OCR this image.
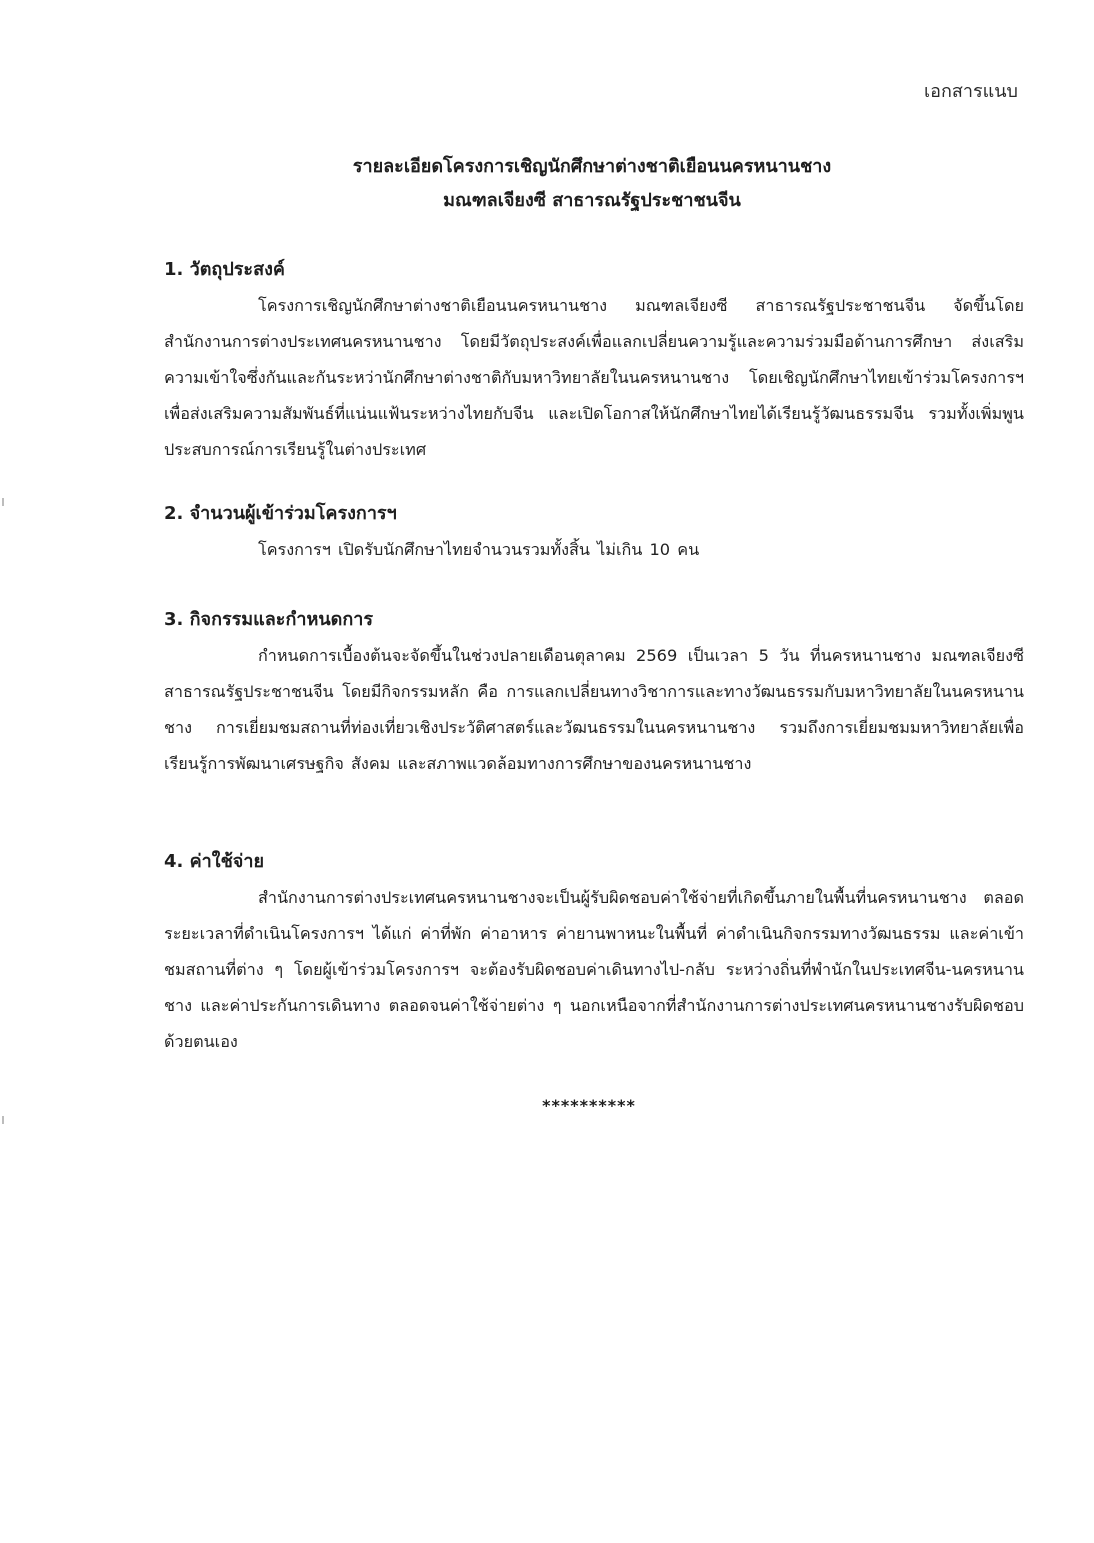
เอกสารแนบ
รายละเอียดโครงการเชิญนักศึกษาต่างชาติเยือนนครหนานชาง
มณฑลเจียงซี สาธารณรัฐประชาชนจีน

1. วัตถุประสงค์

โครงการเชิญนักศึกษาต่างชาติเยือนนครหนานชาง มณฑลเจียงซี สาธารณรัฐประชาชนจีน จัดขึ้นโดยสำนักงานการต่างประเทศนครหนานชาง โดยมีวัตถุประสงค์เพื่อแลกเปลี่ยนความรู้และความร่วมมือด้านการศึกษา ส่งเสริมความเข้าใจซึ่งกันและกันระหว่านักศึกษาต่างชาติกับมหาวิทยาลัยในนครหนานชาง โดยเชิญนักศึกษาไทยเข้าร่วมโครงการฯ เพื่อส่งเสริมความสัมพันธ์ที่แน่นแฟ้นระหว่างไทยกับจีน และเปิดโอกาสให้นักศึกษาไทยได้เรียนรู้วัฒนธรรมจีน รวมทั้งเพิ่มพูนประสบการณ์การเรียนรู้ในต่างประเทศ

2. จำนวนผู้เข้าร่วมโครงการฯ

โครงการฯ เปิดรับนักศึกษาไทยจำนวนรวมทั้งสิ้น ไม่เกิน 10 คน

3. กิจกรรมและกำหนดการ

กำหนดการเบื้องต้นจะจัดขึ้นในช่วงปลายเดือนตุลาคม 2569 เป็นเวลา 5 วัน ที่นครหนานชาง มณฑลเจียงซี สาธารณรัฐประชาชนจีน โดยมีกิจกรรมหลัก คือ การแลกเปลี่ยนทางวิชาการและทางวัฒนธรรมกับมหาวิทยาลัยในนครหนานชาง การเยี่ยมชมสถานที่ท่องเที่ยวเชิงประวัติศาสตร์และวัฒนธรรมในนครหนานชาง รวมถึงการเยี่ยมชมมหาวิทยาลัยเพื่อเรียนรู้การพัฒนาเศรษฐกิจ สังคม และสภาพแวดล้อมทางการศึกษาของนครหนานชาง

4. ค่าใช้จ่าย

สำนักงานการต่างประเทศนครหนานชางจะเป็นผู้รับผิดชอบค่าใช้จ่ายที่เกิดขึ้นภายในพื้นที่นครหนานชาง ตลอดระยะเวลาที่ดำเนินโครงการฯ ได้แก่ ค่าที่พัก ค่าอาหาร ค่ายานพาหนะในพื้นที่ ค่าดำเนินกิจกรรมทางวัฒนธรรม และค่าเข้าชมสถานที่ต่าง ๆ โดยผู้เข้าร่วมโครงการฯ จะต้องรับผิดชอบค่าเดินทางไป-กลับ ระหว่างถิ่นที่พำนักในประเทศจีน-นครหนานชาง และค่าประกันการเดินทาง ตลอดจนค่าใช้จ่ายต่าง ๆ นอกเหนือจากที่สำนักงานการต่างประเทศนครหนานชางรับผิดชอบด้วยตนเอง

**********
